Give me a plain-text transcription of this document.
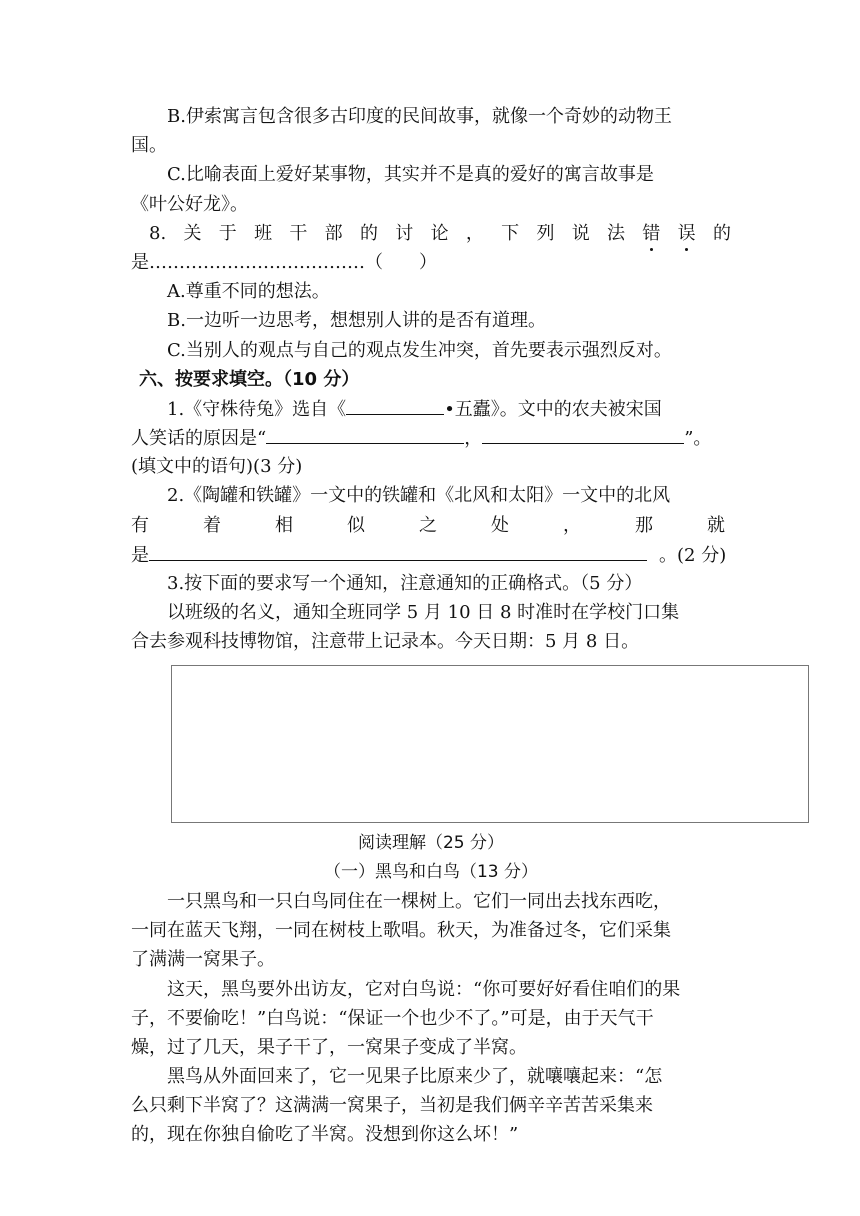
B.伊索寓言包含很多古印度的民间故事，就像一个奇妙的动物王
国。
C.比喻表面上爱好某事物，其实并不是真的爱好的寓言故事是
《叶公好龙》。
8. 关 于 班 干 部 的 讨 论 ， 下 列 说 法 错 误 的
是………………………………（　　）
A.尊重不同的想法。
B.一边听一边思考，想想别人讲的是否有道理。
C.当别人的观点与自己的观点发生冲突，首先要表示强烈反对。
六、按要求填空。（10 分）
1.《守株待兔》选自《	•五蠹》。文中的农夫被宋国
人笑话的原因是“	，	”。
(填文中的语句)(3 分)
2.《陶罐和铁罐》一文中的铁罐和《北风和太阳》一文中的北风
有	着	相	似	之	处	，	那	就
是	。(2 分)
3.按下面的要求写一个通知，注意通知的正确格式。（5 分）
以班级的名义，通知全班同学 5 月 10 日 8 时准时在学校门口集
合去参观科技博物馆，注意带上记录本。今天日期：5 月 8 日。
阅读理解（25 分）
（一）黑鸟和白鸟（13 分）
一只黑鸟和一只白鸟同住在一棵树上。它们一同出去找东西吃，
一同在蓝天飞翔，一同在树枝上歌唱。秋天，为准备过冬，它们采集
了满满一窝果子。
这天，黑鸟要外出访友，它对白鸟说：“你可要好好看住咱们的果
子，不要偷吃！”白鸟说：“保证一个也少不了。”可是，由于天气干
燥，过了几天，果子干了，一窝果子变成了半窝。
黑鸟从外面回来了，它一见果子比原来少了，就嚷嚷起来：“怎
么只剩下半窝了？这满满一窝果子，当初是我们俩辛辛苦苦采集来
的，现在你独自偷吃了半窝。没想到你这么坏！”
